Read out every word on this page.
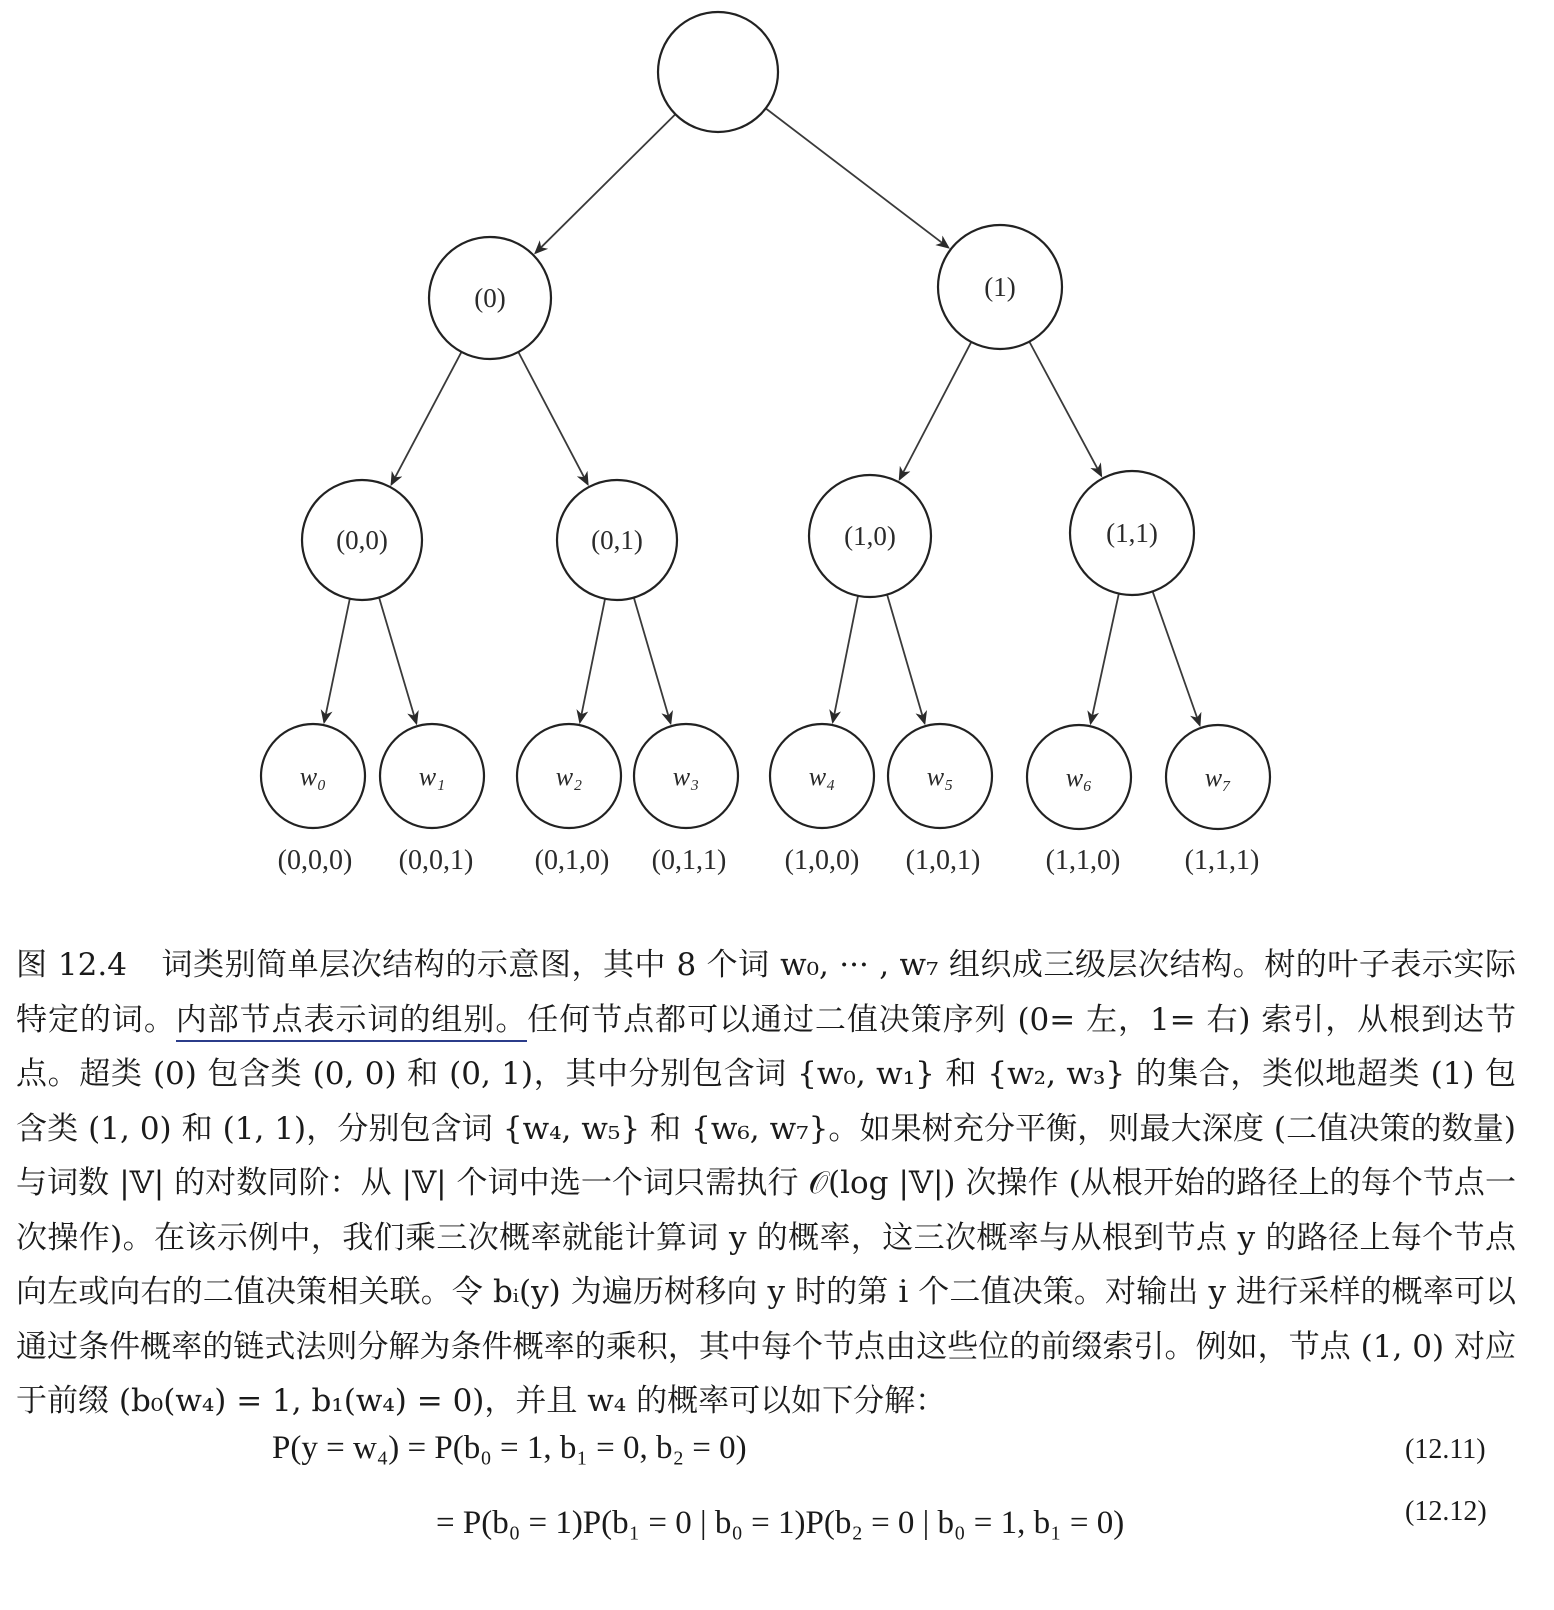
(0)	(1)
(0,0)	(0,1)	(1,0)	(1,1)
w₀	w₁	w₂	w₃	w₄	w₅	w₆	w₇
(0,0,0) (0,0,1) (0,1,0) (0,1,1) (1,0,0) (1,0,1) (1,1,0) (1,1,1)
图 12.4 词类别简单层次结构的示意图，其中 8 个词 w₀, ··· , w₇ 组织成三级层次结构。树的叶子表示实际特定的词。内部节点表示词的组别。任何节点都可以通过二值决策序列 (0= 左，1= 右) 索引，从根到达节点。超类 (0) 包含类 (0, 0) 和 (0, 1)，其中分别包含词 {w₀, w₁} 和 {w₂, w₃} 的集合，类似地超类 (1) 包含类 (1, 0) 和 (1, 1)，分别包含词 {w₄, w₅} 和 {w₆, w₇}。如果树充分平衡，则最大深度 (二值决策的数量) 与词数 |𝕍| 的对数同阶：从 |𝕍| 个词中选一个词只需执行 𝒪(log |𝕍|) 次操作 (从根开始的路径上的每个节点一次操作)。在该示例中，我们乘三次概率就能计算词 y 的概率，这三次概率与从根到节点 y 的路径上每个节点向左或向右的二值决策相关联。令 bᵢ(y) 为遍历树移向 y 时的第 i 个二值决策。对输出 y 进行采样的概率可以通过条件概率的链式法则分解为条件概率的乘积，其中每个节点由这些位的前缀索引。例如，节点 (1, 0) 对应于前缀 (b₀(w₄) = 1, b₁(w₄) = 0)，并且 w₄ 的概率可以如下分解：
P(y = w₄) = P(b₀ = 1, b₁ = 0, b₂ = 0)	(12.11)
= P(b₀ = 1)P(b₁ = 0 | b₀ = 1)P(b₂ = 0 | b₀ = 1, b₁ = 0)	(12.12)
